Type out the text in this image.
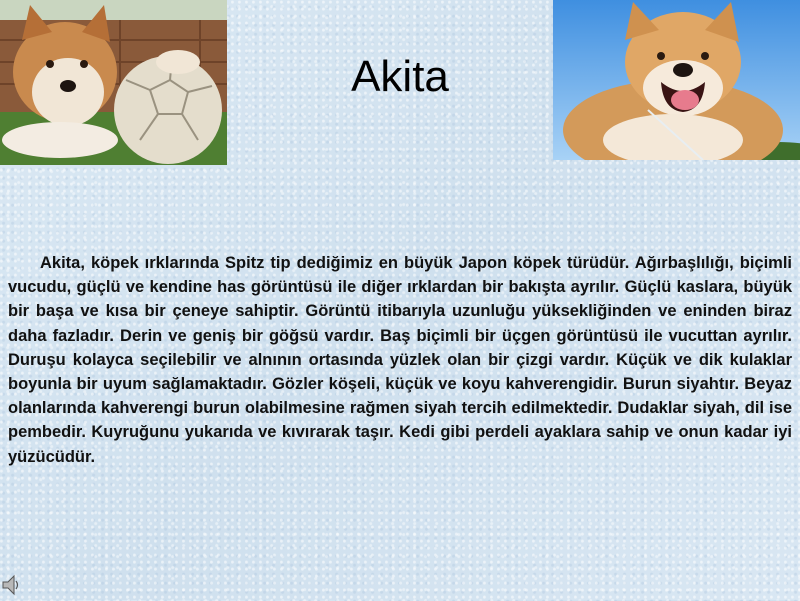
Akita

Akita, köpek ırklarında Spitz tip dediğimiz en büyük Japon köpek türüdür. Ağırbaşlılığı, biçimli vucudu, güçlü ve kendine has görüntüsü ile diğer ırklardan bir bakışta ayrılır. Güçlü kaslara, büyük bir başa ve kısa bir çeneye sahiptir. Görüntü itibarıyla uzunluğu yüksekliğinden ve eninden biraz daha fazladır. Derin ve geniş bir göğsü vardır. Baş biçimli bir üçgen görüntüsü ile vucuttan ayrılır. Duruşu kolayca seçilebilir ve alnının ortasında yüzlek olan bir çizgi vardır. Küçük ve dik kulaklar boyunla bir uyum sağlamaktadır. Gözler köşeli, küçük ve koyu kahverengidir. Burun siyahtır. Beyaz olanlarında kahverengi burun olabilmesine rağmen siyah tercih edilmektedir. Dudaklar siyah, dil ise pembedir. Kuyruğunu yukarıda ve kıvırarak taşır. Kedi gibi perdeli ayaklara sahip ve onun kadar iyi yüzücüdür.
